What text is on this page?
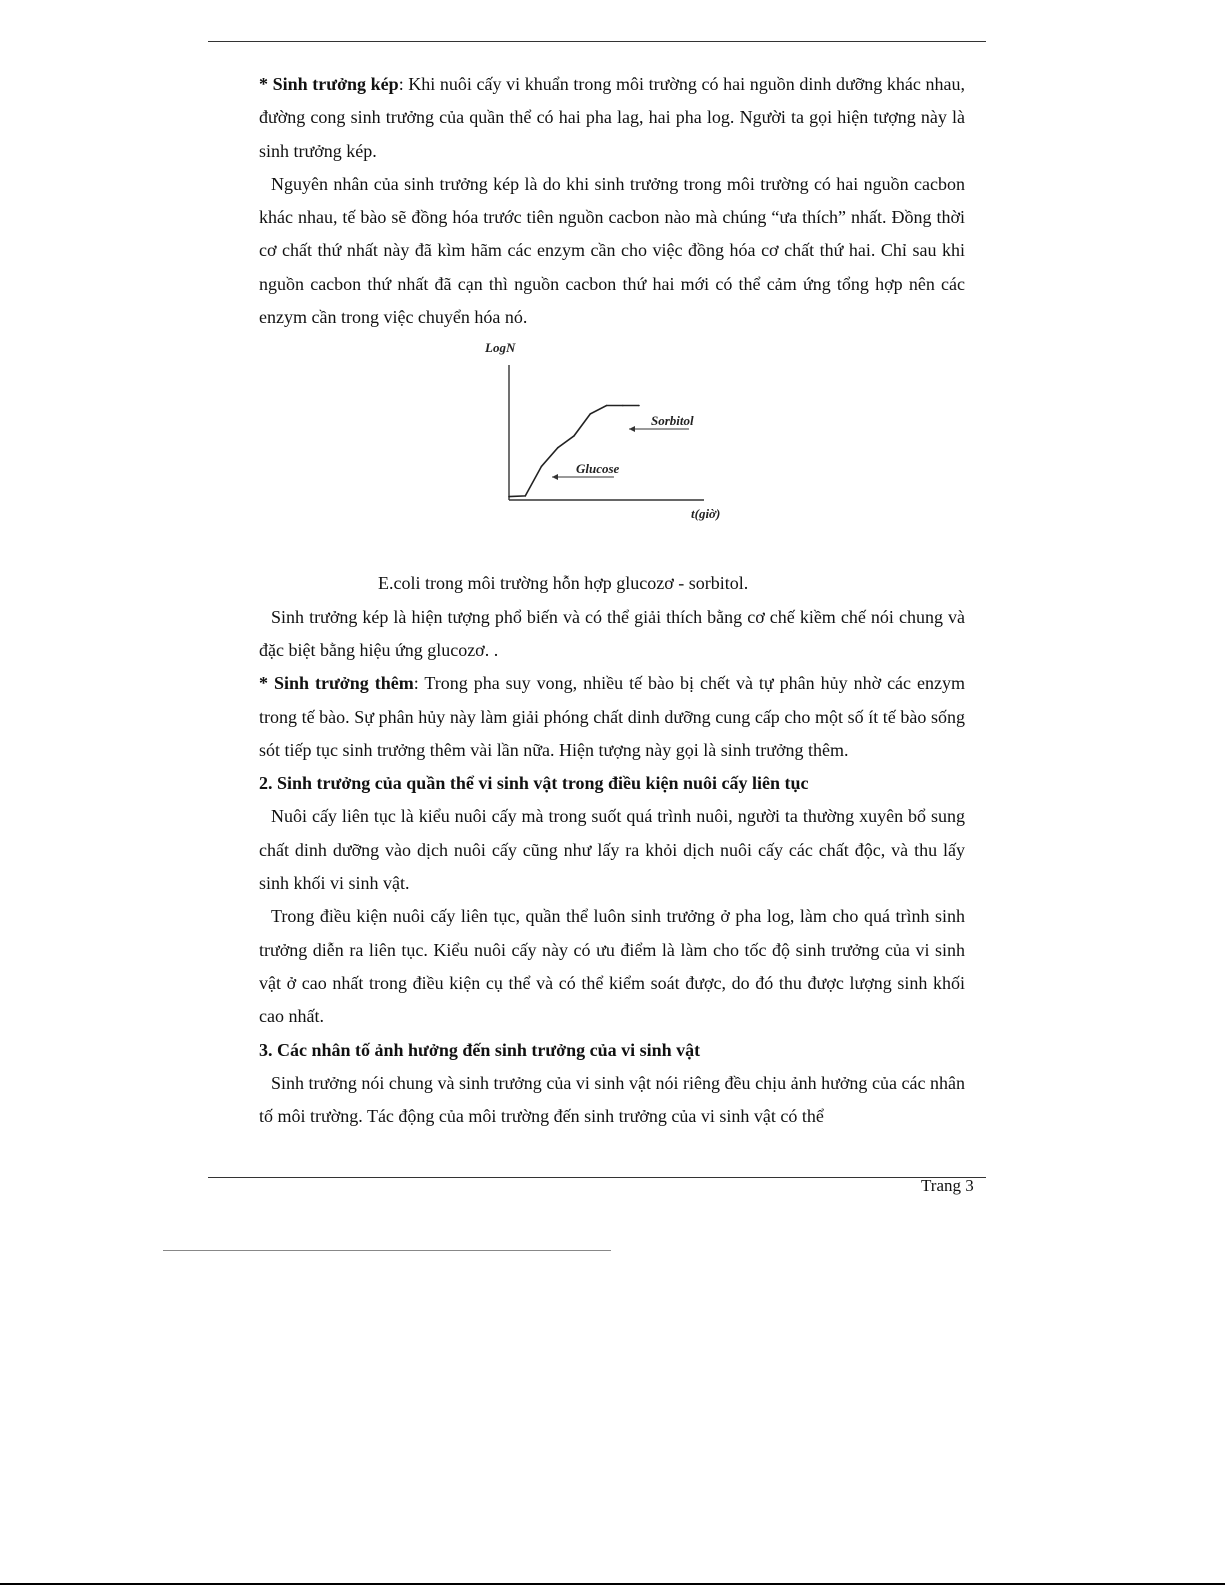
* Sinh trưởng kép: Khi nuôi cấy vi khuẩn trong môi trường có hai nguồn dinh dưỡng khác nhau, đường cong sinh trưởng của quần thể có hai pha lag, hai pha log. Người ta gọi hiện tượng này là sinh trưởng kép.

Nguyên nhân của sinh trưởng kép là do khi sinh trưởng trong môi trường có hai nguồn cacbon khác nhau, tế bào sẽ đồng hóa trước tiên nguồn cacbon nào mà chúng “ưa thích” nhất. Đồng thời cơ chất thứ nhất này đã kìm hãm các enzym cần cho việc đồng hóa cơ chất thứ hai. Chỉ sau khi nguồn cacbon thứ nhất đã cạn thì nguồn cacbon thứ hai mới có thể cảm ứng tổng hợp nên các enzym cần trong việc chuyển hóa nó.

LogN
t(giờ)
Glucose
Sorbitol

E.coli trong môi trường hỗn hợp glucozơ - sorbitol.

Sinh trưởng kép là hiện tượng phổ biến và có thể giải thích bằng cơ chế kiềm chế nói chung và đặc biệt bằng hiệu ứng glucozơ. .

* Sinh trưởng thêm: Trong pha suy vong, nhiều tế bào bị chết và tự phân hủy nhờ các enzym trong tế bào. Sự phân hủy này làm giải phóng chất dinh dưỡng cung cấp cho một số ít tế bào sống sót tiếp tục sinh trưởng thêm vài lần nữa. Hiện tượng này gọi là sinh trưởng thêm.

2. Sinh trưởng của quần thể vi sinh vật trong điều kiện nuôi cấy liên tục

Nuôi cấy liên tục là kiểu nuôi cấy mà trong suốt quá trình nuôi, người ta thường xuyên bổ sung chất dinh dưỡng vào dịch nuôi cấy cũng như lấy ra khỏi dịch nuôi cấy các chất độc, và thu lấy sinh khối vi sinh vật.

Trong điều kiện nuôi cấy liên tục, quần thể luôn sinh trưởng ở pha log, làm cho quá trình sinh trưởng diễn ra liên tục. Kiểu nuôi cấy này có ưu điểm là làm cho tốc độ sinh trưởng của vi sinh vật ở cao nhất trong điều kiện cụ thể và có thể kiểm soát được, do đó thu được lượng sinh khối cao nhất.

3. Các nhân tố ảnh hưởng đến sinh trưởng của vi sinh vật

Sinh trưởng nói chung và sinh trưởng của vi sinh vật nói riêng đều chịu ảnh hưởng của các nhân tố môi trường. Tác động của môi trường đến sinh trưởng của vi sinh vật có thể

Trang 3
